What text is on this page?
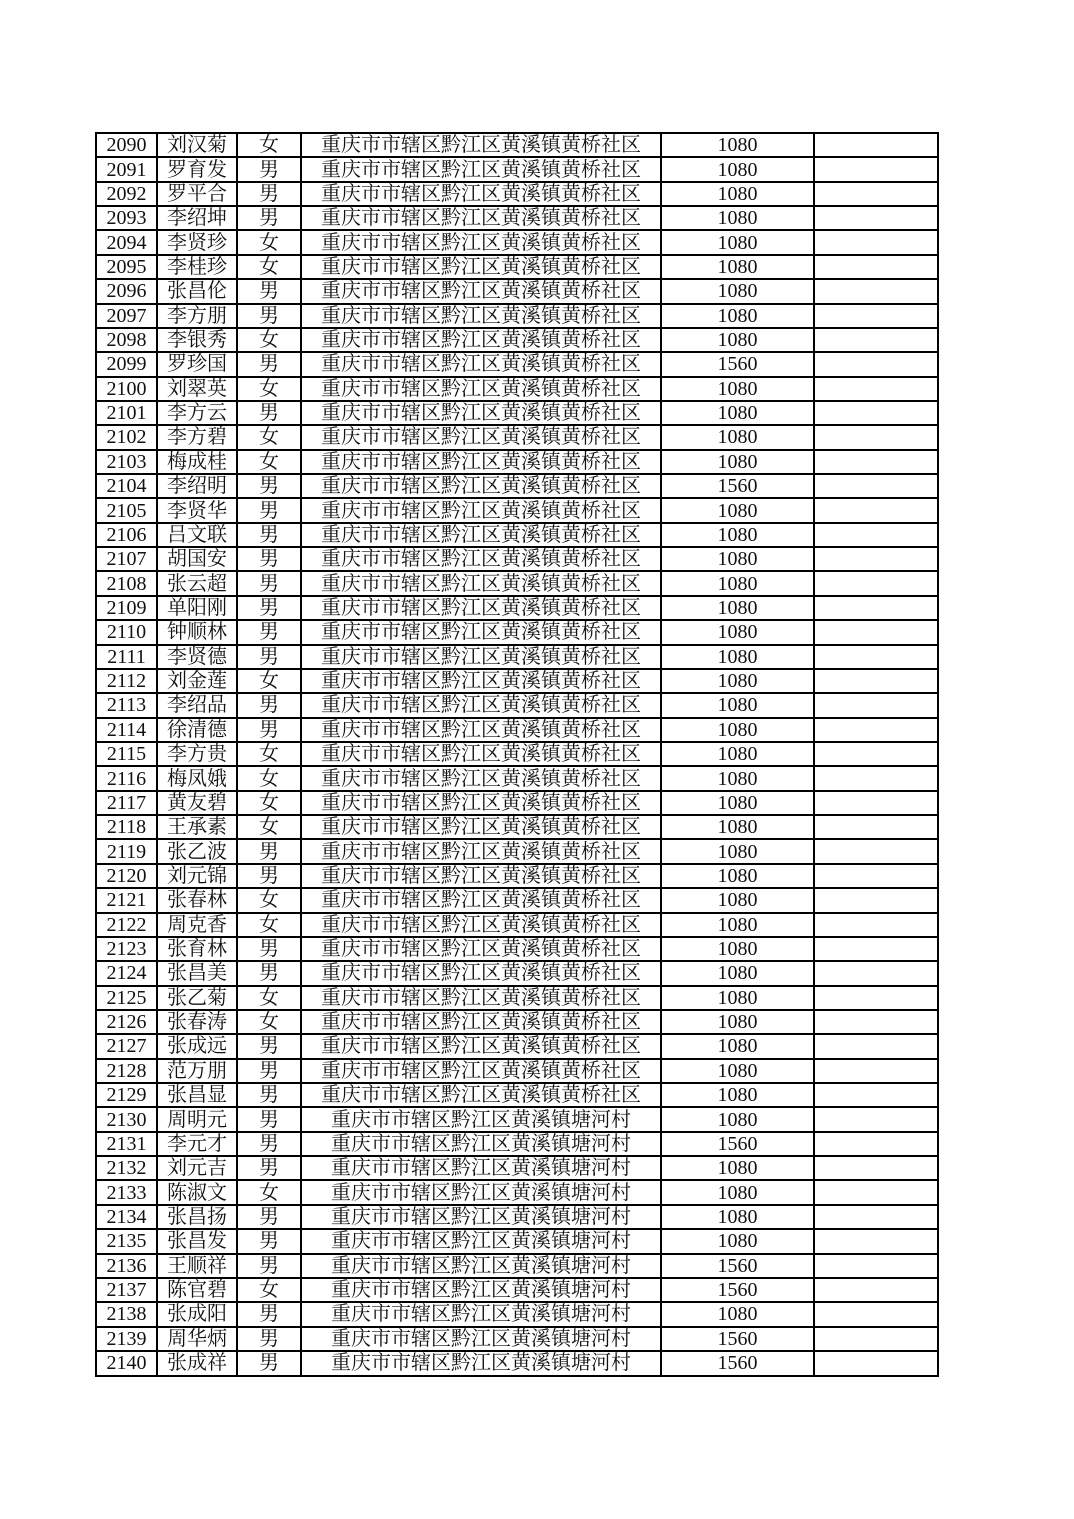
2090	刘汉菊	女	重庆市市辖区黔江区黄溪镇黄桥社区	1080	
2091	罗育发	男	重庆市市辖区黔江区黄溪镇黄桥社区	1080	
2092	罗平合	男	重庆市市辖区黔江区黄溪镇黄桥社区	1080	
2093	李绍坤	男	重庆市市辖区黔江区黄溪镇黄桥社区	1080	
2094	李贤珍	女	重庆市市辖区黔江区黄溪镇黄桥社区	1080	
2095	李桂珍	女	重庆市市辖区黔江区黄溪镇黄桥社区	1080	
2096	张昌伦	男	重庆市市辖区黔江区黄溪镇黄桥社区	1080	
2097	李方朋	男	重庆市市辖区黔江区黄溪镇黄桥社区	1080	
2098	李银秀	女	重庆市市辖区黔江区黄溪镇黄桥社区	1080	
2099	罗珍国	男	重庆市市辖区黔江区黄溪镇黄桥社区	1560	
2100	刘翠英	女	重庆市市辖区黔江区黄溪镇黄桥社区	1080	
2101	李方云	男	重庆市市辖区黔江区黄溪镇黄桥社区	1080	
2102	李方碧	女	重庆市市辖区黔江区黄溪镇黄桥社区	1080	
2103	梅成桂	女	重庆市市辖区黔江区黄溪镇黄桥社区	1080	
2104	李绍明	男	重庆市市辖区黔江区黄溪镇黄桥社区	1560	
2105	李贤华	男	重庆市市辖区黔江区黄溪镇黄桥社区	1080	
2106	吕文联	男	重庆市市辖区黔江区黄溪镇黄桥社区	1080	
2107	胡国安	男	重庆市市辖区黔江区黄溪镇黄桥社区	1080	
2108	张云超	男	重庆市市辖区黔江区黄溪镇黄桥社区	1080	
2109	单阳刚	男	重庆市市辖区黔江区黄溪镇黄桥社区	1080	
2110	钟顺林	男	重庆市市辖区黔江区黄溪镇黄桥社区	1080	
2111	李贤德	男	重庆市市辖区黔江区黄溪镇黄桥社区	1080	
2112	刘金莲	女	重庆市市辖区黔江区黄溪镇黄桥社区	1080	
2113	李绍品	男	重庆市市辖区黔江区黄溪镇黄桥社区	1080	
2114	徐清德	男	重庆市市辖区黔江区黄溪镇黄桥社区	1080	
2115	李方贵	女	重庆市市辖区黔江区黄溪镇黄桥社区	1080	
2116	梅凤娥	女	重庆市市辖区黔江区黄溪镇黄桥社区	1080	
2117	黄友碧	女	重庆市市辖区黔江区黄溪镇黄桥社区	1080	
2118	王承素	女	重庆市市辖区黔江区黄溪镇黄桥社区	1080	
2119	张乙波	男	重庆市市辖区黔江区黄溪镇黄桥社区	1080	
2120	刘元锦	男	重庆市市辖区黔江区黄溪镇黄桥社区	1080	
2121	张春林	女	重庆市市辖区黔江区黄溪镇黄桥社区	1080	
2122	周克香	女	重庆市市辖区黔江区黄溪镇黄桥社区	1080	
2123	张育林	男	重庆市市辖区黔江区黄溪镇黄桥社区	1080	
2124	张昌美	男	重庆市市辖区黔江区黄溪镇黄桥社区	1080	
2125	张乙菊	女	重庆市市辖区黔江区黄溪镇黄桥社区	1080	
2126	张春涛	女	重庆市市辖区黔江区黄溪镇黄桥社区	1080	
2127	张成远	男	重庆市市辖区黔江区黄溪镇黄桥社区	1080	
2128	范万朋	男	重庆市市辖区黔江区黄溪镇黄桥社区	1080	
2129	张昌显	男	重庆市市辖区黔江区黄溪镇黄桥社区	1080	
2130	周明元	男	重庆市市辖区黔江区黄溪镇塘河村	1080	
2131	李元才	男	重庆市市辖区黔江区黄溪镇塘河村	1560	
2132	刘元吉	男	重庆市市辖区黔江区黄溪镇塘河村	1080	
2133	陈淑文	女	重庆市市辖区黔江区黄溪镇塘河村	1080	
2134	张昌扬	男	重庆市市辖区黔江区黄溪镇塘河村	1080	
2135	张昌发	男	重庆市市辖区黔江区黄溪镇塘河村	1080	
2136	王顺祥	男	重庆市市辖区黔江区黄溪镇塘河村	1560	
2137	陈官碧	女	重庆市市辖区黔江区黄溪镇塘河村	1560	
2138	张成阳	男	重庆市市辖区黔江区黄溪镇塘河村	1080	
2139	周华炳	男	重庆市市辖区黔江区黄溪镇塘河村	1560	
2140	张成祥	男	重庆市市辖区黔江区黄溪镇塘河村	1560	
